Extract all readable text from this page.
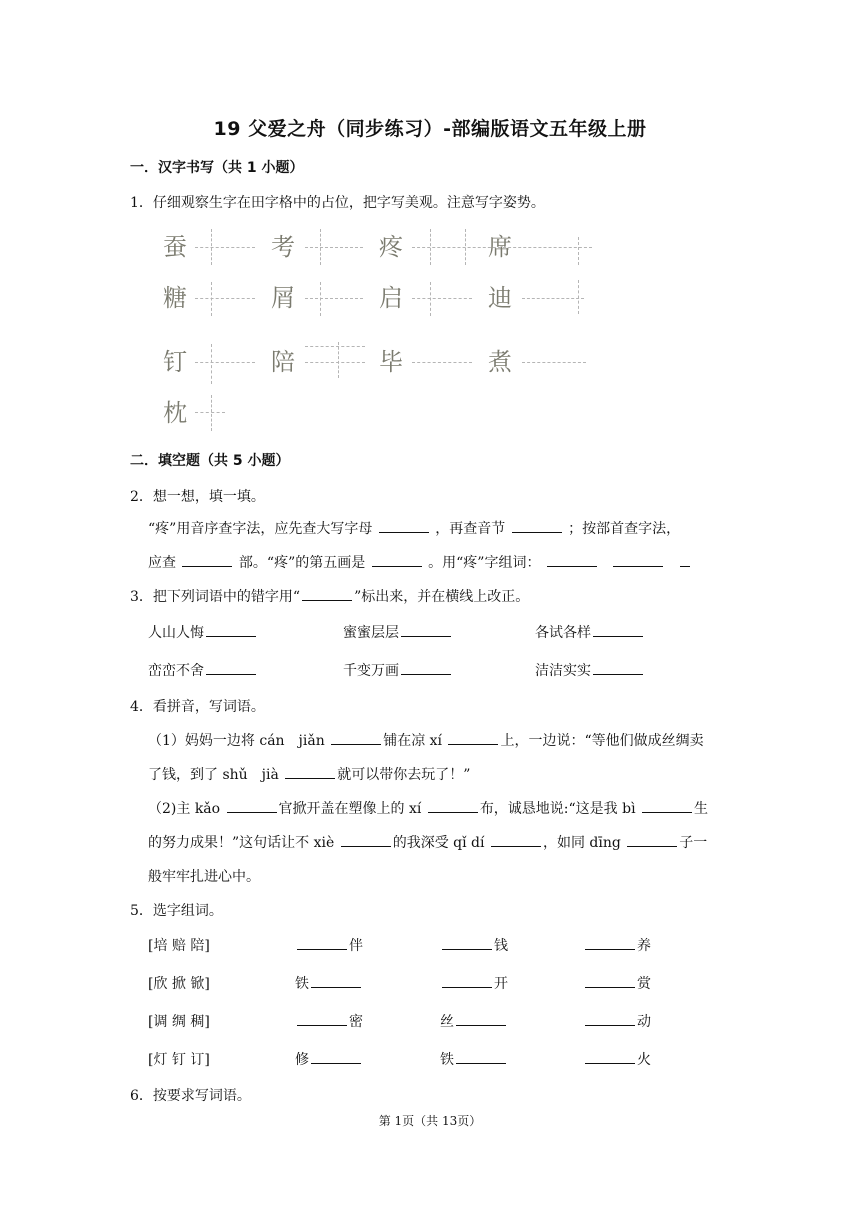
19 父爱之舟（同步练习）-部编版语文五年级上册
一．汉字书写（共 1 小题）
1．仔细观察生字在田字格中的占位，把字写美观。注意写字姿势。
蚕	考	疼	席
糖	屑	启	迪
钉	陪	毕	煮
枕
二．填空题（共 5 小题）
2．想一想，填一填。
“疼”用音序查字法，应先查大写字母	，再查音节	；按部首查字法，
应查	部。“疼”的第五画是	。用“疼”字组词：
3．把下列词语中的错字用“	”标出来，并在横线上改正。
人山人悔	蜜蜜层层	各试各样
峦峦不舍	千变万画	洁洁实实
4．看拼音，写词语。
（1）妈妈一边将 cán　jiǎn	铺在凉 xí	上，一边说：“等他们做成丝绸卖
了钱，到了 shǔ　jià	就可以带你去玩了！”
（2)主 kǎo	官掀开盖在塑像上的 xí	布，诚恳地说:“这是我 bì	生
的努力成果！”这句话让不 xiè	的我深受 qǐ dí	，如同 dīng	子一
般牢牢扎进心中。
5．选字组词。
[培 赔 陪]	伴	钱	养
[欣 掀 锨]	铁	开	赏
[调 绸 稠]	密	丝	动
[灯 钉 订]	修	铁	火
6．按要求写词语。
第 1页（共 13页）
